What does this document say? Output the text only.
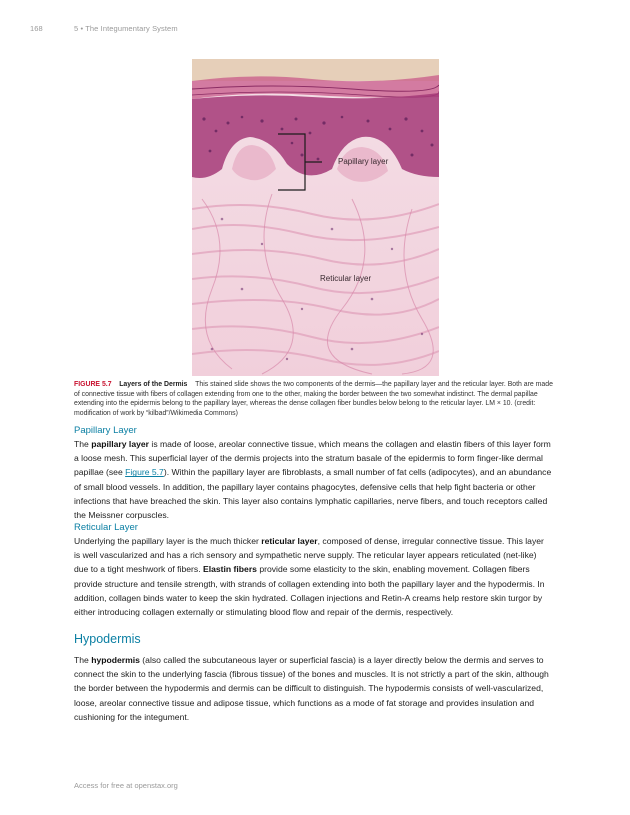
168	5 • The Integumentary System
Papillary layer
Reticular layer
FIGURE 5.7 Layers of the Dermis This stained slide shows the two components of the dermis—the papillary layer and the reticular layer. Both are made of connective tissue with fibers of collagen extending from one to the other, making the border between the two somewhat indistinct. The dermal papillae extending into the epidermis belong to the papillary layer, whereas the dense collagen fiber bundles below belong to the reticular layer. LM × 10. (credit: modification of work by “kilbad”/Wikimedia Commons)
Papillary Layer
The papillary layer is made of loose, areolar connective tissue, which means the collagen and elastin fibers of this layer form a loose mesh. This superficial layer of the dermis projects into the stratum basale of the epidermis to form finger-like dermal papillae (see Figure 5.7). Within the papillary layer are fibroblasts, a small number of fat cells (adipocytes), and an abundance of small blood vessels. In addition, the papillary layer contains phagocytes, defensive cells that help fight bacteria or other infections that have breached the skin. This layer also contains lymphatic capillaries, nerve fibers, and touch receptors called the Meissner corpuscles.
Reticular Layer
Underlying the papillary layer is the much thicker reticular layer, composed of dense, irregular connective tissue. This layer is well vascularized and has a rich sensory and sympathetic nerve supply. The reticular layer appears reticulated (net-like) due to a tight meshwork of fibers. Elastin fibers provide some elasticity to the skin, enabling movement. Collagen fibers provide structure and tensile strength, with strands of collagen extending into both the papillary layer and the hypodermis. In addition, collagen binds water to keep the skin hydrated. Collagen injections and Retin-A creams help restore skin turgor by either introducing collagen externally or stimulating blood flow and repair of the dermis, respectively.
Hypodermis
The hypodermis (also called the subcutaneous layer or superficial fascia) is a layer directly below the dermis and serves to connect the skin to the underlying fascia (fibrous tissue) of the bones and muscles. It is not strictly a part of the skin, although the border between the hypodermis and dermis can be difficult to distinguish. The hypodermis consists of well-vascularized, loose, areolar connective tissue and adipose tissue, which functions as a mode of fat storage and provides insulation and cushioning for the integument.
Access for free at openstax.org
